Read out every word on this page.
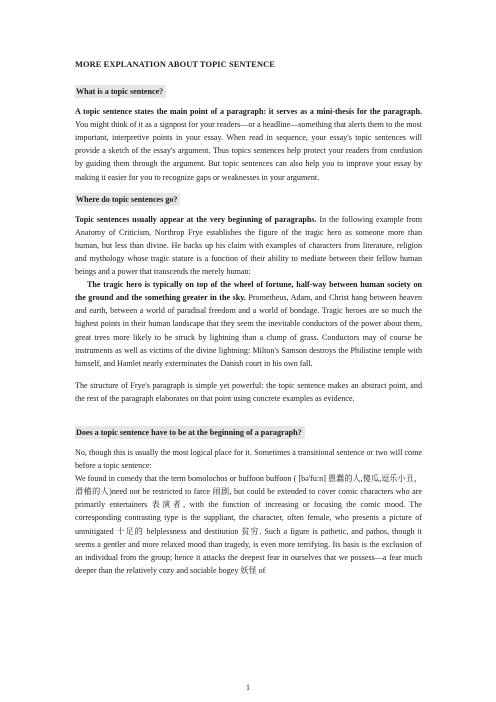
MORE EXPLANATION ABOUT TOPIC SENTENCE
What is a topic sentence?

A topic sentence states the main point of a paragraph: it serves as a mini-thesis for the paragraph. You might think of it as a signpost for your readers—or a headline—something that alerts them to the most important, interpretive points in your essay. When read in sequence, your essay's topic sentences will provide a sketch of the essay's argument. Thus topics sentences help protect your readers from confusion by guiding them through the argument. But topic sentences can also help you to improve your essay by making it easier for you to recognize gaps or weaknesses in your argument.

Where do topic sentences go?
Topic sentences usually appear at the very beginning of paragraphs. In the following example from Anatomy of Criticism, Northrop Frye establishes the figure of the tragic hero as someone more than human, but less than divine. He backs up his claim with examples of characters from literature, religion and mythology whose tragic stature is a function of their ability to mediate between their fellow human beings and a power that transcends the merely human:

The tragic hero is typically on top of the wheel of fortune, half-way between human society on the ground and the something greater in the sky. Prometheus, Adam, and Christ hang between heaven and earth, between a world of paradisal freedom and a world of bondage. Tragic heroes are so much the highest points in their human landscape that they seem the inevitable conductors of the power about them, great trees more likely to be struck by lightning than a clump of grass. Conductors may of course be instruments as well as victims of the divine lightning: Milton's Samson destroys the Philistine temple with himself, and Hamlet nearly exterminates the Danish court in his own fall.

The structure of Frye's paragraph is simple yet powerful: the topic sentence makes an abstract point, and the rest of the paragraph elaborates on that point using concrete examples as evidence.

Does a topic sentence have to be at the beginning of a paragraph?

No, though this is usually the most logical place for it. Sometimes a transitional sentence or two will come before a topic sentence:

We found in comedy that the term bomolochos or buffoon buffoon ( [bə'fuːn] 愚蠢的人,傻瓜,逗乐小丑，滑稽的人)need not be restricted to farce 闹剧, but could be extended to cover comic characters who are primarily entertainers 表演者, with the function of increasing or focusing the comic mood. The corresponding contrasting type is the suppliant, the character, often female, who presents a picture of unmitigated 十足的 helplessness and destitution 贫穷. Such a figure is pathetic, and pathos, though it seems a gentler and more relaxed mood than tragedy, is even more terrifying. Its basis is the exclusion of an individual from the group; hence it attacks the deepest fear in ourselves that we possess—a fear much deeper than the relatively cozy and sociable bogey 妖怪 of

1
